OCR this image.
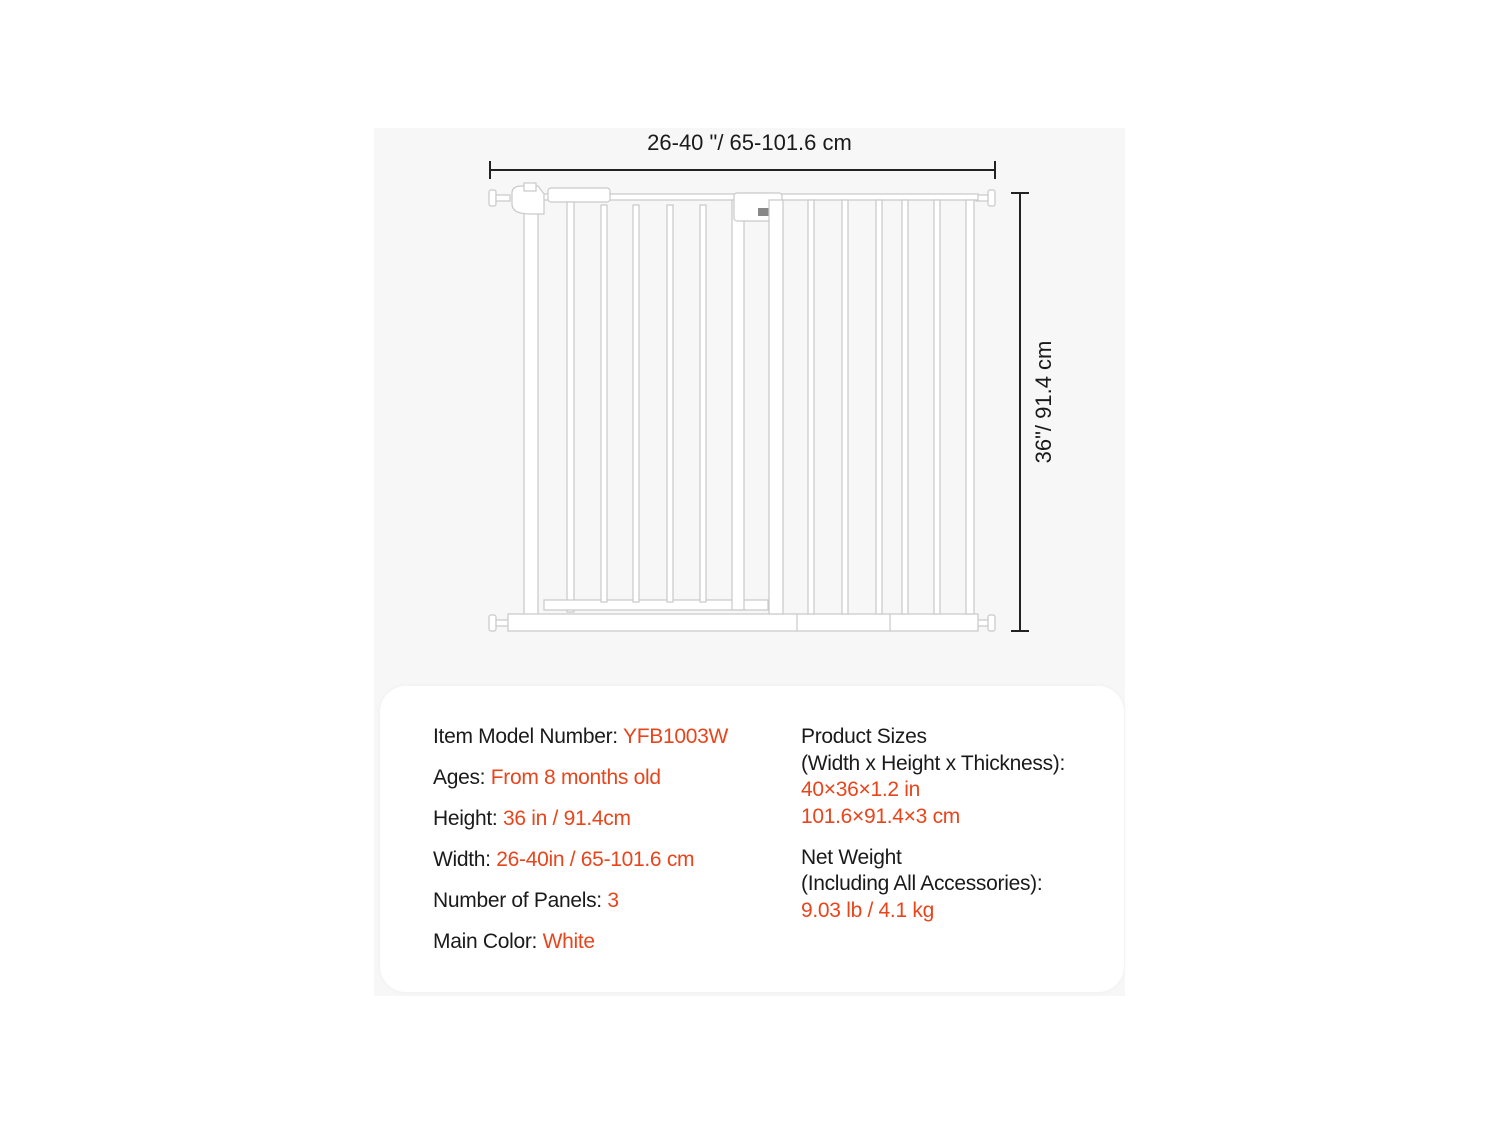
26-40 "/ 65-101.6 cm
36"/ 91.4 cm
Item Model Number: YFB1003W
Ages: From 8 months old
Height: 36 in / 91.4cm
Width: 26-40in / 65-101.6 cm
Number of Panels: 3
Main Color: White
Product Sizes
(Width x Height x Thickness):
40×36×1.2 in
101.6×91.4×3 cm
Net Weight
(Including All Accessories):
9.03 lb / 4.1 kg
